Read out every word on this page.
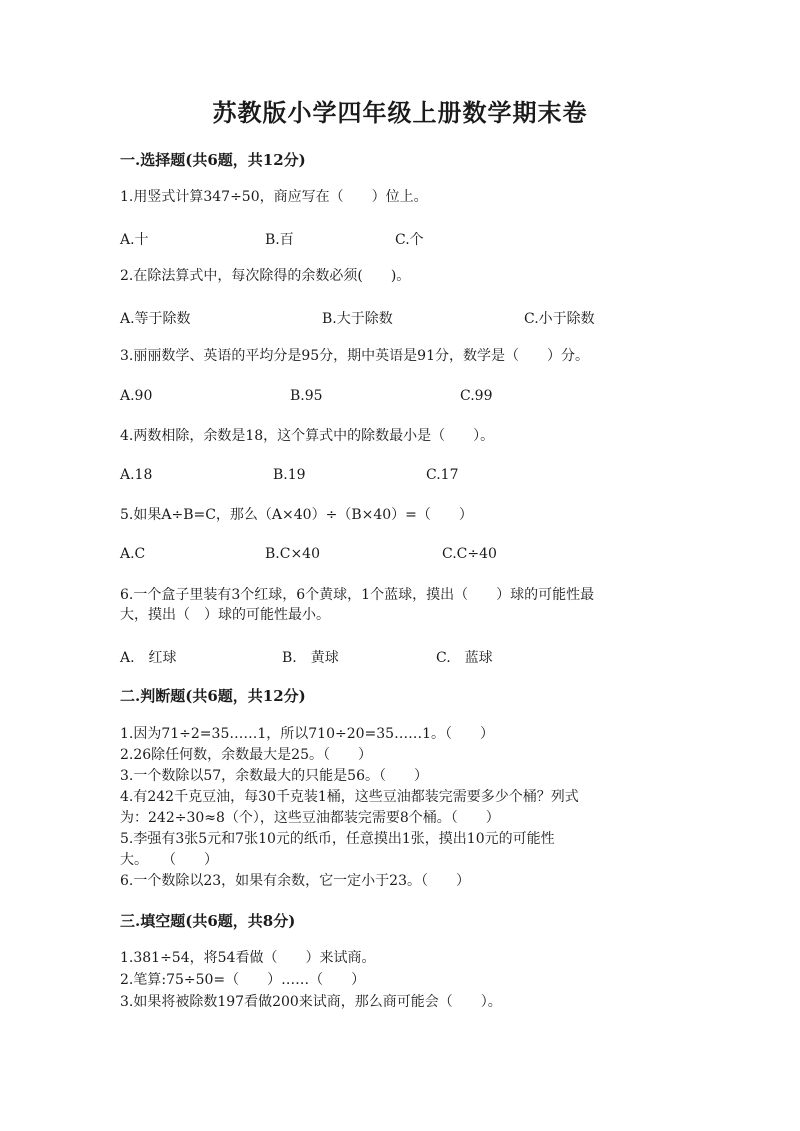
苏教版小学四年级上册数学期末卷
一.选择题(共6题，共12分)
1.用竖式计算347÷50，商应写在（　　）位上。
A.十	B.百	C.个
2.在除法算式中，每次除得的余数必须(　　)。
A.等于除数	B.大于除数	C.小于除数
3.丽丽数学、英语的平均分是95分，期中英语是91分，数学是（　　）分。
A.90	B.95	C.99
4.两数相除，余数是18，这个算式中的除数最小是（　　）。
A.18	B.19	C.17
5.如果A÷B=C，那么（A×40）÷（B×40）=（　　）
A.C	B.C×40	C.C÷40
6.一个盒子里装有3个红球，6个黄球，1个蓝球，摸出（　　）球的可能性最
大，摸出（　）球的可能性最小。
A.　红球	B.　黄球	C.　蓝球
二.判断题(共6题，共12分)
1.因为71÷2=35……1，所以710÷20=35……1。（　　）
2.26除任何数，余数最大是25。（　　）
3.一个数除以57，余数最大的只能是56。（　　）
4.有242千克豆油，每30千克装1桶，这些豆油都装完需要多少个桶？列式
为：242÷30≈8（个），这些豆油都装完需要8个桶。（　　）
5.李强有3张5元和7张10元的纸币，任意摸出1张，摸出10元的可能性
大。　　（　　）
6.一个数除以23，如果有余数，它一定小于23。（　　）
三.填空题(共6题，共8分)
1.381÷54，将54看做（　　）来试商。
2.笔算:75÷50=（　　）……（　　）
3.如果将被除数197看做200来试商，那么商可能会（　　）。
